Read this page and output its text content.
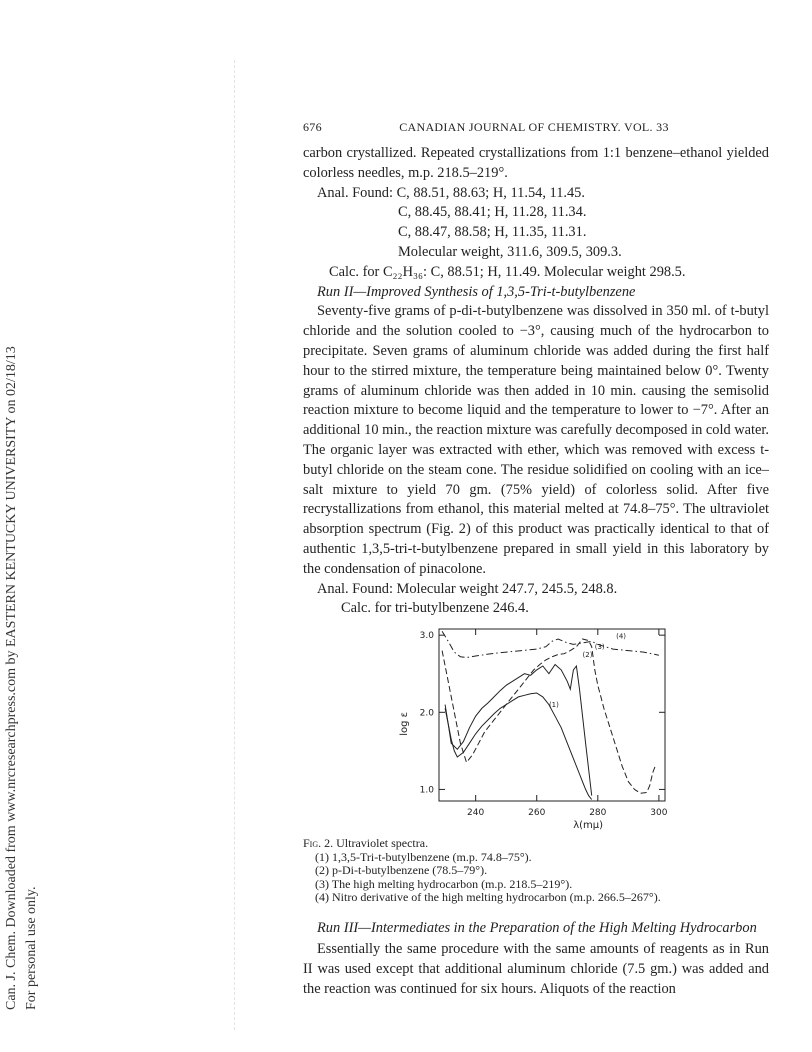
Can. J. Chem. Downloaded from www.nrcresearchpress.com by EASTERN KENTUCKY UNIVERSITY on 02/18/13 For personal use only.
676	CANADIAN JOURNAL OF CHEMISTRY. VOL. 33

carbon crystallized. Repeated crystallizations from 1:1 benzene–ethanol yielded colorless needles, m.p. 218.5–219°.

Anal. Found: C, 88.51, 88.63; H, 11.54, 11.45.

C, 88.45, 88.41; H, 11.28, 11.34.

C, 88.47, 88.58; H, 11.35, 11.31.

Molecular weight, 311.6, 309.5, 309.3.

Calc. for C₂₂H₃₆: C, 88.51; H, 11.49. Molecular weight 298.5.

Run II—Improved Synthesis of 1,3,5-Tri-t-butylbenzene

Seventy-five grams of p-di-t-butylbenzene was dissolved in 350 ml. of t-butyl chloride and the solution cooled to −3°, causing much of the hydrocarbon to precipitate. Seven grams of aluminum chloride was added during the first half hour to the stirred mixture, the temperature being maintained below 0°. Twenty grams of aluminum chloride was then added in 10 min. causing the semisolid reaction mixture to become liquid and the temperature to lower to −7°. After an additional 10 min., the reaction mixture was carefully decomposed in cold water. The organic layer was extracted with ether, which was removed with excess t-butyl chloride on the steam cone. The residue solidified on cooling with an ice–salt mixture to yield 70 gm. (75% yield) of colorless solid. After five recrystallizations from ethanol, this material melted at 74.8–75°. The ultraviolet absorption spectrum (Fig. 2) of this product was practically identical to that of authentic 1,3,5-tri-t-butylbenzene prepared in small yield in this laboratory by the condensation of pinacolone.

Anal. Found: Molecular weight 247.7, 245.5, 248.8.

Calc. for tri-butylbenzene 246.4.

240	260	280	300
1.0
2.0
3.0
λ(mμ)
log ε
(1)
(2)
(3)
(4)
Fig. 2. Ultraviolet spectra.
(1) 1,3,5-Tri-t-butylbenzene (m.p. 74.8–75°).
(2) p-Di-t-butylbenzene (78.5–79°).
(3) The high melting hydrocarbon (m.p. 218.5–219°).
(4) Nitro derivative of the high melting hydrocarbon (m.p. 266.5–267°).

Run III—Intermediates in the Preparation of the High Melting Hydrocarbon

Essentially the same procedure with the same amounts of reagents as in Run II was used except that additional aluminum chloride (7.5 gm.) was added and the reaction was continued for six hours. Aliquots of the reaction
